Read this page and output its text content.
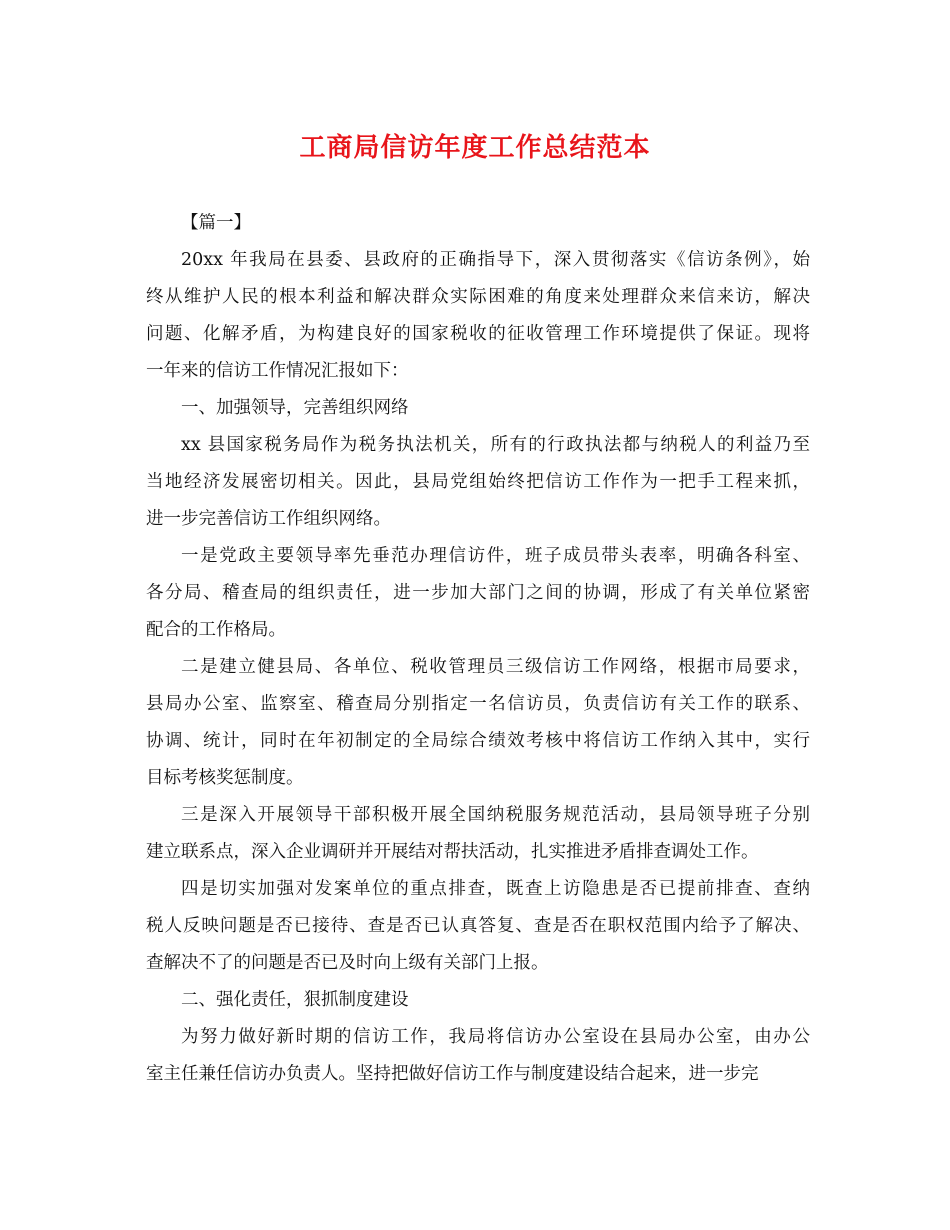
工商局信访年度工作总结范本
【篇一】
20xx 年我局在县委、县政府的正确指导下，深入贯彻落实《信访条例》，始
终从维护人民的根本利益和解决群众实际困难的角度来处理群众来信来访，解决
问题、化解矛盾，为构建良好的国家税收的征收管理工作环境提供了保证。现将
一年来的信访工作情况汇报如下：
一、加强领导，完善组织网络
xx 县国家税务局作为税务执法机关，所有的行政执法都与纳税人的利益乃至
当地经济发展密切相关。因此，县局党组始终把信访工作作为一把手工程来抓，
进一步完善信访工作组织网络。
一是党政主要领导率先垂范办理信访件，班子成员带头表率，明确各科室、
各分局、稽查局的组织责任，进一步加大部门之间的协调，形成了有关单位紧密
配合的工作格局。
二是建立健县局、各单位、税收管理员三级信访工作网络，根据市局要求，
县局办公室、监察室、稽查局分别指定一名信访员，负责信访有关工作的联系、
协调、统计，同时在年初制定的全局综合绩效考核中将信访工作纳入其中，实行
目标考核奖惩制度。
三是深入开展领导干部积极开展全国纳税服务规范活动，县局领导班子分别
建立联系点，深入企业调研并开展结对帮扶活动，扎实推进矛盾排查调处工作。
四是切实加强对发案单位的重点排查，既查上访隐患是否已提前排查、查纳
税人反映问题是否已接待、查是否已认真答复、查是否在职权范围内给予了解决、
查解决不了的问题是否已及时向上级有关部门上报。
二、强化责任，狠抓制度建设
为努力做好新时期的信访工作，我局将信访办公室设在县局办公室，由办公
室主任兼任信访办负责人。坚持把做好信访工作与制度建设结合起来，进一步完
